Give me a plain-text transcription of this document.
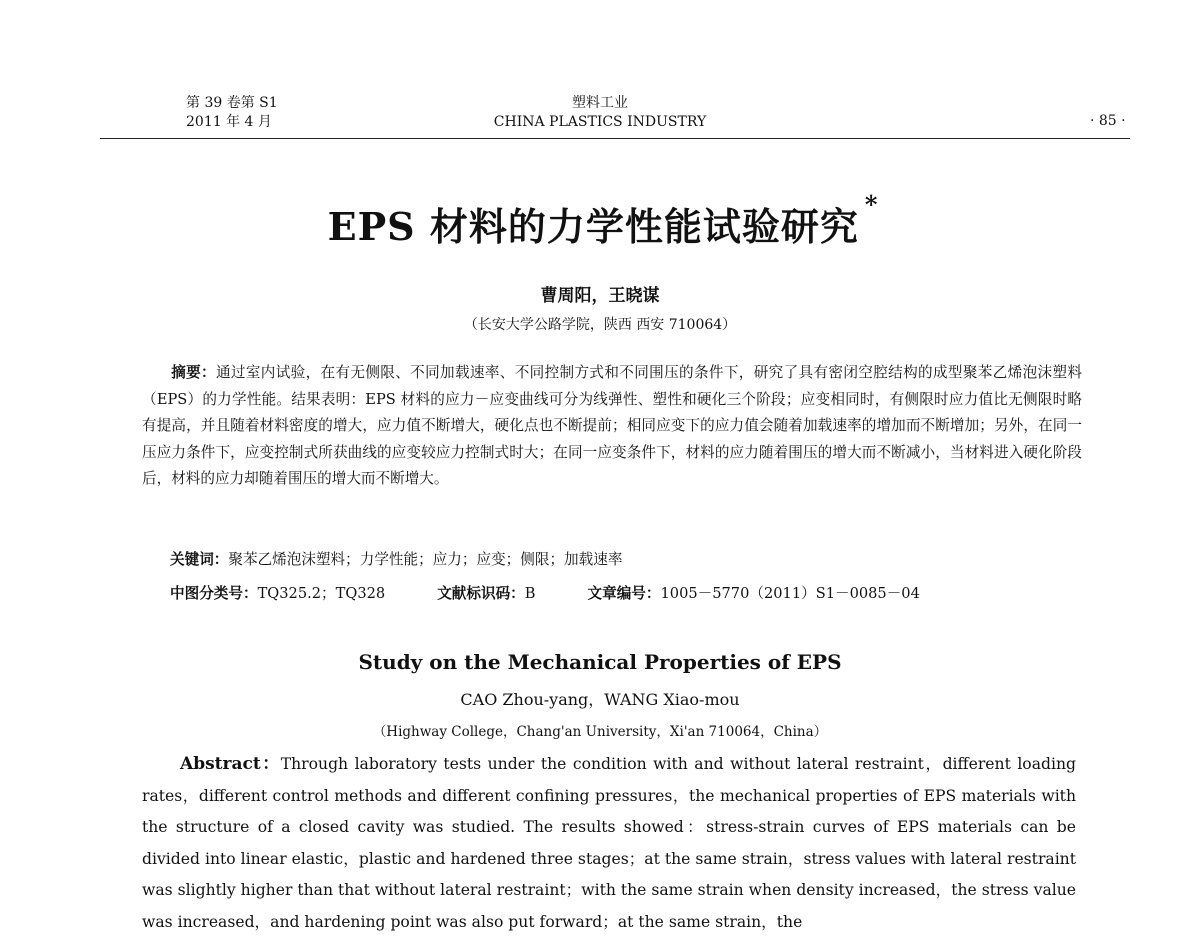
第 39 卷第 S1
2011 年 4 月
塑料工业
CHINA PLASTICS INDUSTRY	· 85 ·
EPS 材料的力学性能试验研究 *
曹周阳，王晓谋
（长安大学公路学院，陕西 西安 710064）
摘要：通过室内试验，在有无侧限、不同加载速率、不同控制方式和不同围压的条件下，研究了具有密闭空腔结构的成型聚苯乙烯泡沫塑料（EPS）的力学性能。结果表明：EPS 材料的应力－应变曲线可分为线弹性、塑性和硬化三个阶段；应变相同时，有侧限时应力值比无侧限时略有提高，并且随着材料密度的增大，应力值不断增大，硬化点也不断提前；相同应变下的应力值会随着加载速率的增加而不断增加；另外，在同一压应力条件下，应变控制式所获曲线的应变较应力控制式时大；在同一应变条件下，材料的应力随着围压的增大而不断减小，当材料进入硬化阶段后，材料的应力却随着围压的增大而不断增大。
关键词：聚苯乙烯泡沫塑料；力学性能；应力；应变；侧限；加载速率
中图分类号：TQ325.2；TQ328	文献标识码：B	文章编号：1005－5770（2011）S1－0085－04
Study on the Mechanical Properties of EPS
CAO Zhou-yang，WANG Xiao-mou
（Highway College，Chang'an University，Xi'an 710064，China）
Abstract：Through laboratory tests under the condition with and without lateral restraint，different loading rates，different control methods and different confining pressures，the mechanical properties of EPS materials with the structure of a closed cavity was studied. The results showed：stress-strain curves of EPS materials can be divided into linear elastic，plastic and hardened three stages；at the same strain，stress values with lateral restraint was slightly higher than that without lateral restraint；with the same strain when density increased，the stress value was increased，and hardening point was also put forward；at the same strain，the
